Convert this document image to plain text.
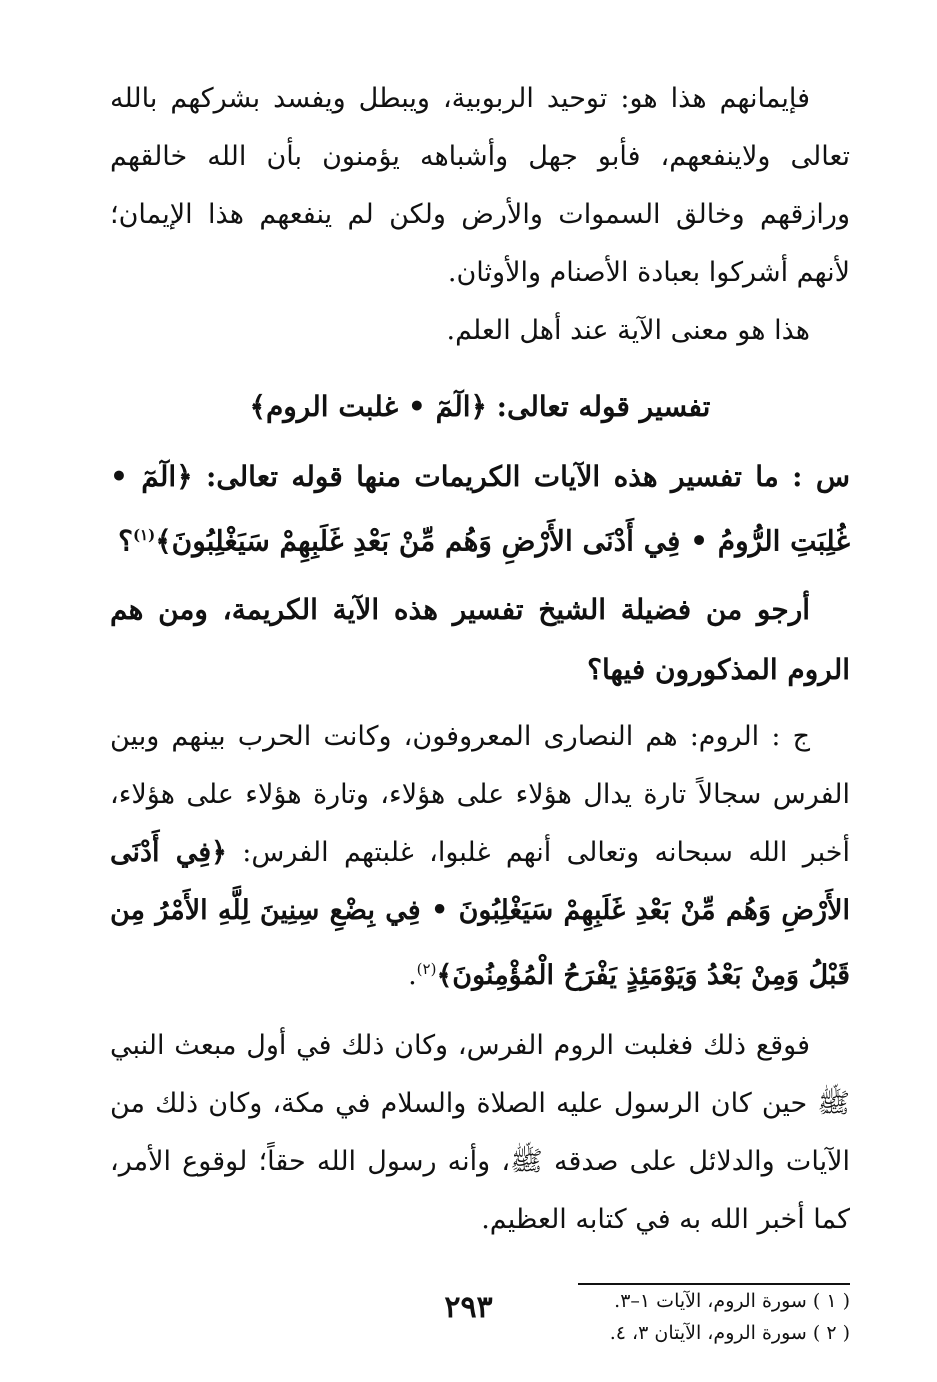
فإيمانهم هذا هو: توحيد الربوبية، ويبطل ويفسد بشركهم بالله تعالى ولاينفعهم، فأبو جهل وأشباهه يؤمنون بأن الله خالقهم ورازقهم وخالق السموات والأرض ولكن لم ينفعهم هذا الإيمان؛ لأنهم أشركوا بعبادة الأصنام والأوثان.

هذا هو معنى الآية عند أهل العلم.

تفسير قوله تعالى: ﴿الٓمٓ • غلبت الروم﴾

س : ما تفسير هذه الآيات الكريمات منها قوله تعالى: ﴿الٓمٓ • غُلِبَتِ الرُّومُ • فِي أَدْنَى الأَرْضِ وَهُم مِّنْ بَعْدِ غَلَبِهِمْ سَيَغْلِبُونَ﴾$^{(١)}$؟

أرجو من فضيلة الشيخ تفسير هذه الآية الكريمة، ومن هم الروم المذكورون فيها؟

ج : الروم: هم النصارى المعروفون، وكانت الحرب بينهم وبين الفرس سجالاً تارة يدال هؤلاء على هؤلاء، وتارة هؤلاء على هؤلاء، أخبر الله سبحانه وتعالى أنهم غلبوا، غلبتهم الفرس: ﴿فِي أَدْنَى الأَرْضِ وَهُم مِّنْ بَعْدِ غَلَبِهِمْ سَيَغْلِبُونَ • فِي بِضْعِ سِنِينَ لِلَّهِ الأَمْرُ مِن قَبْلُ وَمِنْ بَعْدُ وَيَوْمَئِذٍ يَفْرَحُ الْمُؤْمِنُونَ﴾$^{(٢)}$.

فوقع ذلك فغلبت الروم الفرس، وكان ذلك في أول مبعث النبي ﷺ حين كان الرسول عليه الصلاة والسلام في مكة، وكان ذلك من الآيات والدلائل على صدقه ﷺ، وأنه رسول الله حقاً؛ لوقوع الأمر، كما أخبر الله به في كتابه العظيم.

( ١ ) سورة الروم، الآيات ١–٣.

( ٢ ) سورة الروم، الآيتان ٣، ٤.

٢٩٣
